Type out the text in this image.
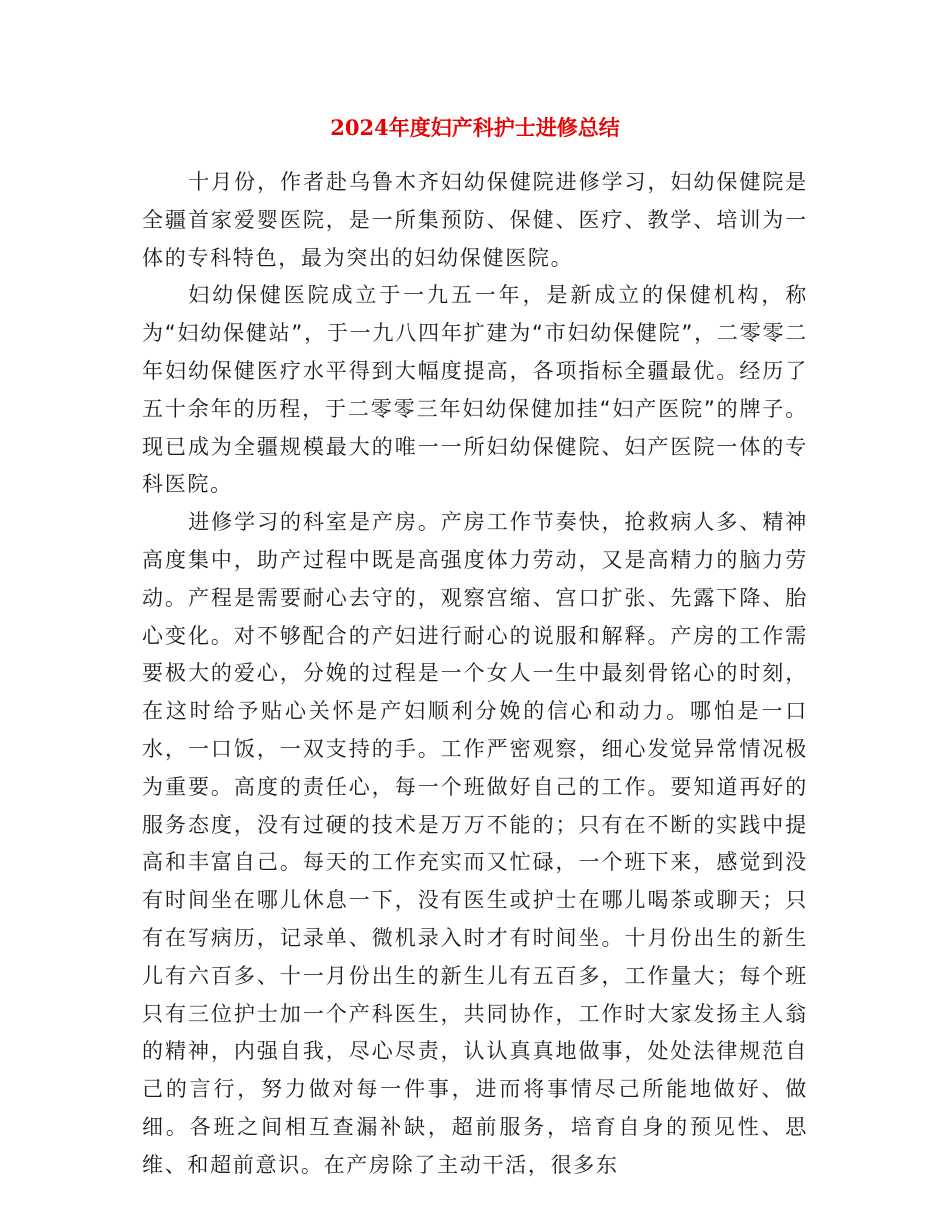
2024年度妇产科护士进修总结

十月份，作者赴乌鲁木齐妇幼保健院进修学习，妇幼保健院是全疆首家爱婴医院，是一所集预防、保健、医疗、教学、培训为一体的专科特色，最为突出的妇幼保健医院。

妇幼保健医院成立于一九五一年，是新成立的保健机构，称为“妇幼保健站”，于一九八四年扩建为“市妇幼保健院”，二零零二年妇幼保健医疗水平得到大幅度提高，各项指标全疆最优。经历了五十余年的历程，于二零零三年妇幼保健加挂“妇产医院”的牌子。现已成为全疆规模最大的唯一一所妇幼保健院、妇产医院一体的专科医院。

进修学习的科室是产房。产房工作节奏快，抢救病人多、精神高度集中，助产过程中既是高强度体力劳动，又是高精力的脑力劳动。产程是需要耐心去守的，观察宫缩、宫口扩张、先露下降、胎心变化。对不够配合的产妇进行耐心的说服和解释。产房的工作需要极大的爱心，分娩的过程是一个女人一生中最刻骨铭心的时刻，在这时给予贴心关怀是产妇顺利分娩的信心和动力。哪怕是一口水，一口饭，一双支持的手。工作严密观察，细心发觉异常情况极为重要。高度的责任心，每一个班做好自己的工作。要知道再好的服务态度，没有过硬的技术是万万不能的；只有在不断的实践中提高和丰富自己。每天的工作充实而又忙碌，一个班下来，感觉到没有时间坐在哪儿休息一下，没有医生或护士在哪儿喝茶或聊天；只有在写病历，记录单、微机录入时才有时间坐。十月份出生的新生儿有六百多、十一月份出生的新生儿有五百多，工作量大；每个班只有三位护士加一个产科医生，共同协作，工作时大家发扬主人翁的精神，内强自我，尽心尽责，认认真真地做事，处处法律规范自己的言行，努力做对每一件事，进而将事情尽己所能地做好、做细。各班之间相互查漏补缺，超前服务，培育自身的预见性、思维、和超前意识。在产房除了主动干活，很多东
